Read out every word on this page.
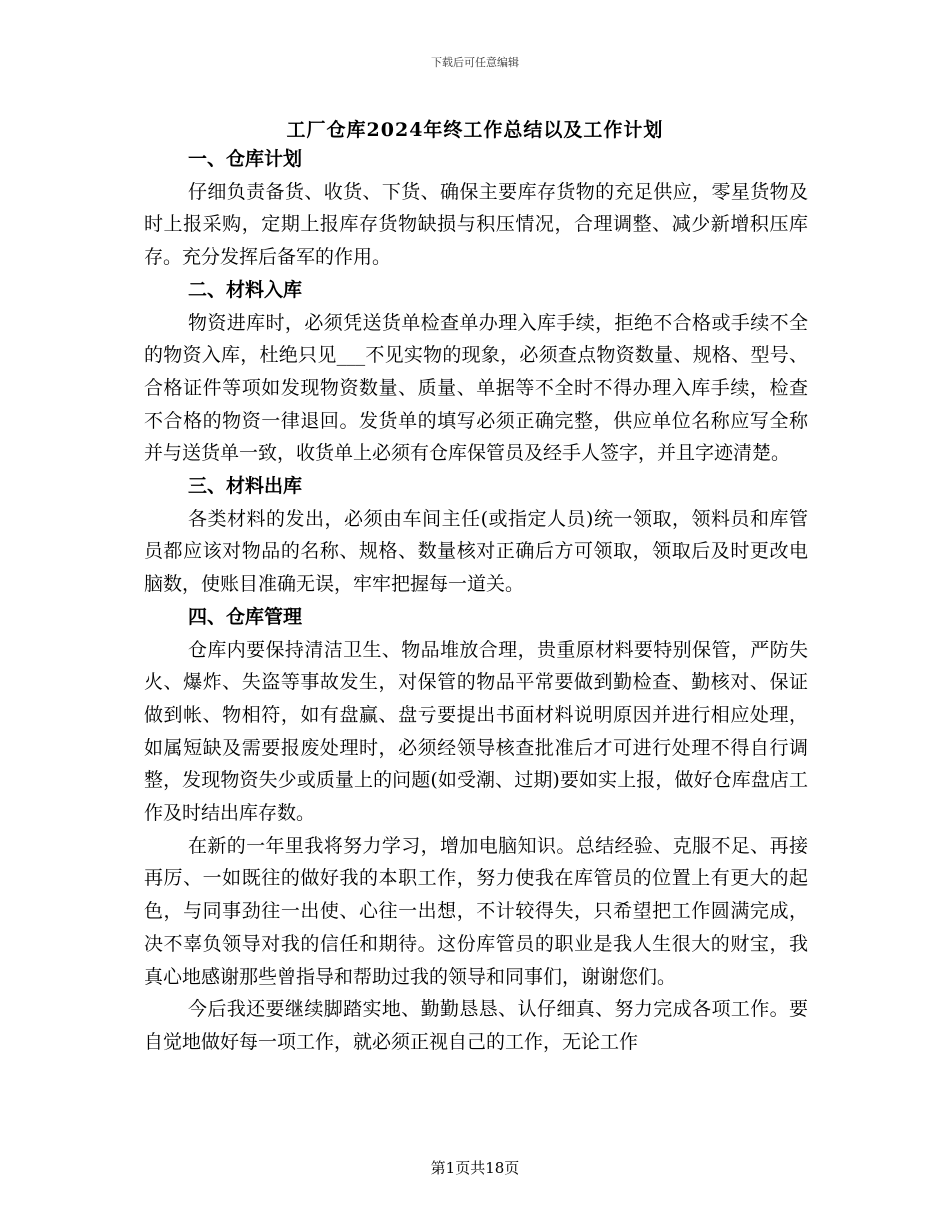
下载后可任意编辑
工厂仓库2024年终工作总结以及工作计划

一、仓库计划

仔细负责备货、收货、下货、确保主要库存货物的充足供应，零星货物及时上报采购，定期上报库存货物缺损与积压情况，合理调整、减少新增积压库存。充分发挥后备军的作用。

二、材料入库

物资进库时，必须凭送货单检查单办理入库手续，拒绝不合格或手续不全的物资入库，杜绝只见___不见实物的现象，必须查点物资数量、规格、型号、合格证件等项如发现物资数量、质量、单据等不全时不得办理入库手续，检查不合格的物资一律退回。发货单的填写必须正确完整，供应单位名称应写全称并与送货单一致，收货单上必须有仓库保管员及经手人签字，并且字迹清楚。

三、材料出库

各类材料的发出，必须由车间主任(或指定人员)统一领取，领料员和库管员都应该对物品的名称、规格、数量核对正确后方可领取，领取后及时更改电脑数，使账目准确无误，牢牢把握每一道关。

四、仓库管理

仓库内要保持清洁卫生、物品堆放合理，贵重原材料要特别保管，严防失火、爆炸、失盗等事故发生，对保管的物品平常要做到勤检查、勤核对、保证做到帐、物相符，如有盘赢、盘亏要提出书面材料说明原因并进行相应处理，如属短缺及需要报废处理时，必须经领导核查批准后才可进行处理不得自行调整，发现物资失少或质量上的问题(如受潮、过期)要如实上报，做好仓库盘店工作及时结出库存数。

在新的一年里我将努力学习，增加电脑知识。总结经验、克服不足、再接再厉、一如既往的做好我的本职工作，努力使我在库管员的位置上有更大的起色，与同事劲往一出使、心往一出想，不计较得失，只希望把工作圆满完成，决不辜负领导对我的信任和期待。这份库管员的职业是我人生很大的财宝，我真心地感谢那些曾指导和帮助过我的领导和同事们，谢谢您们。

今后我还要继续脚踏实地、勤勤恳恳、认仔细真、努力完成各项工作。要自觉地做好每一项工作，就必须正视自己的工作，无论工作

第1页共18页
